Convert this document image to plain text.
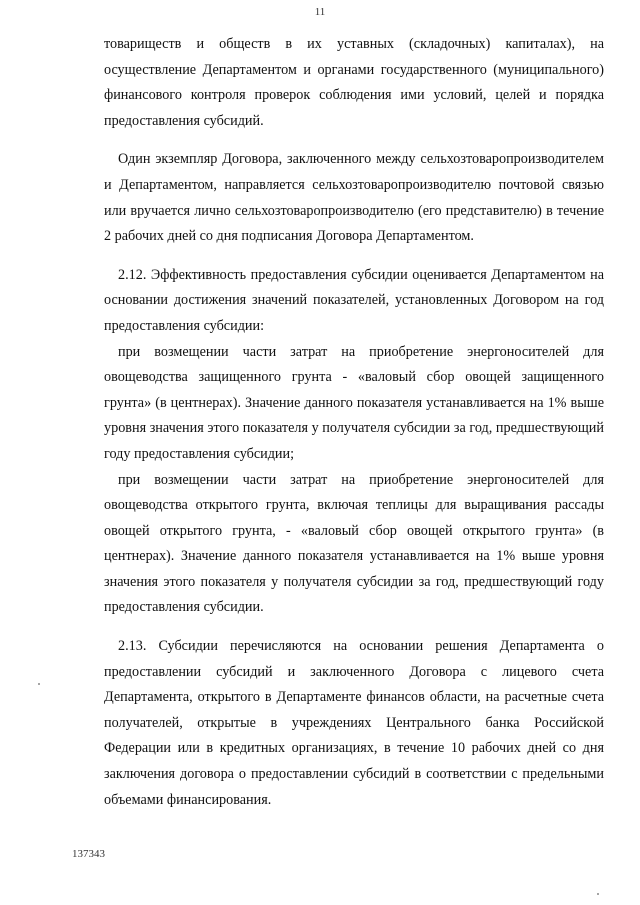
11

товариществ и обществ в их уставных (складочных) капиталах), на осуществление Департаментом и органами государственного (муниципального) финансового контроля проверок соблюдения ими условий, целей и порядка предоставления субсидий.

Один экземпляр Договора, заключенного между сельхозтоваропроизводителем и Департаментом, направляется сельхозтоваропроизводителю почтовой связью или вручается лично сельхозтоваропроизводителю (его представителю) в течение 2 рабочих дней со дня подписания Договора Департаментом.

2.12. Эффективность предоставления субсидии оценивается Департаментом на основании достижения значений показателей, установленных Договором на год предоставления субсидии:

при возмещении части затрат на приобретение энергоносителей для овощеводства защищенного грунта - «валовый сбор овощей защищенного грунта» (в центнерах). Значение данного показателя устанавливается на 1% выше уровня значения этого показателя у получателя субсидии за год, предшествующий году предоставления субсидии;

при возмещении части затрат на приобретение энергоносителей для овощеводства открытого грунта, включая теплицы для выращивания рассады овощей открытого грунта, - «валовый сбор овощей открытого грунта» (в центнерах). Значение данного показателя устанавливается на 1% выше уровня значения этого показателя у получателя субсидии за год, предшествующий году предоставления субсидии.

2.13. Субсидии перечисляются на основании решения Департамента о предоставлении субсидий и заключенного Договора с лицевого счета Департамента, открытого в Департаменте финансов области, на расчетные счета получателей, открытые в учреждениях Центрального банка Российской Федерации или в кредитных организациях, в течение 10 рабочих дней со дня заключения договора о предоставлении субсидий в соответствии с предельными объемами финансирования.

137343
